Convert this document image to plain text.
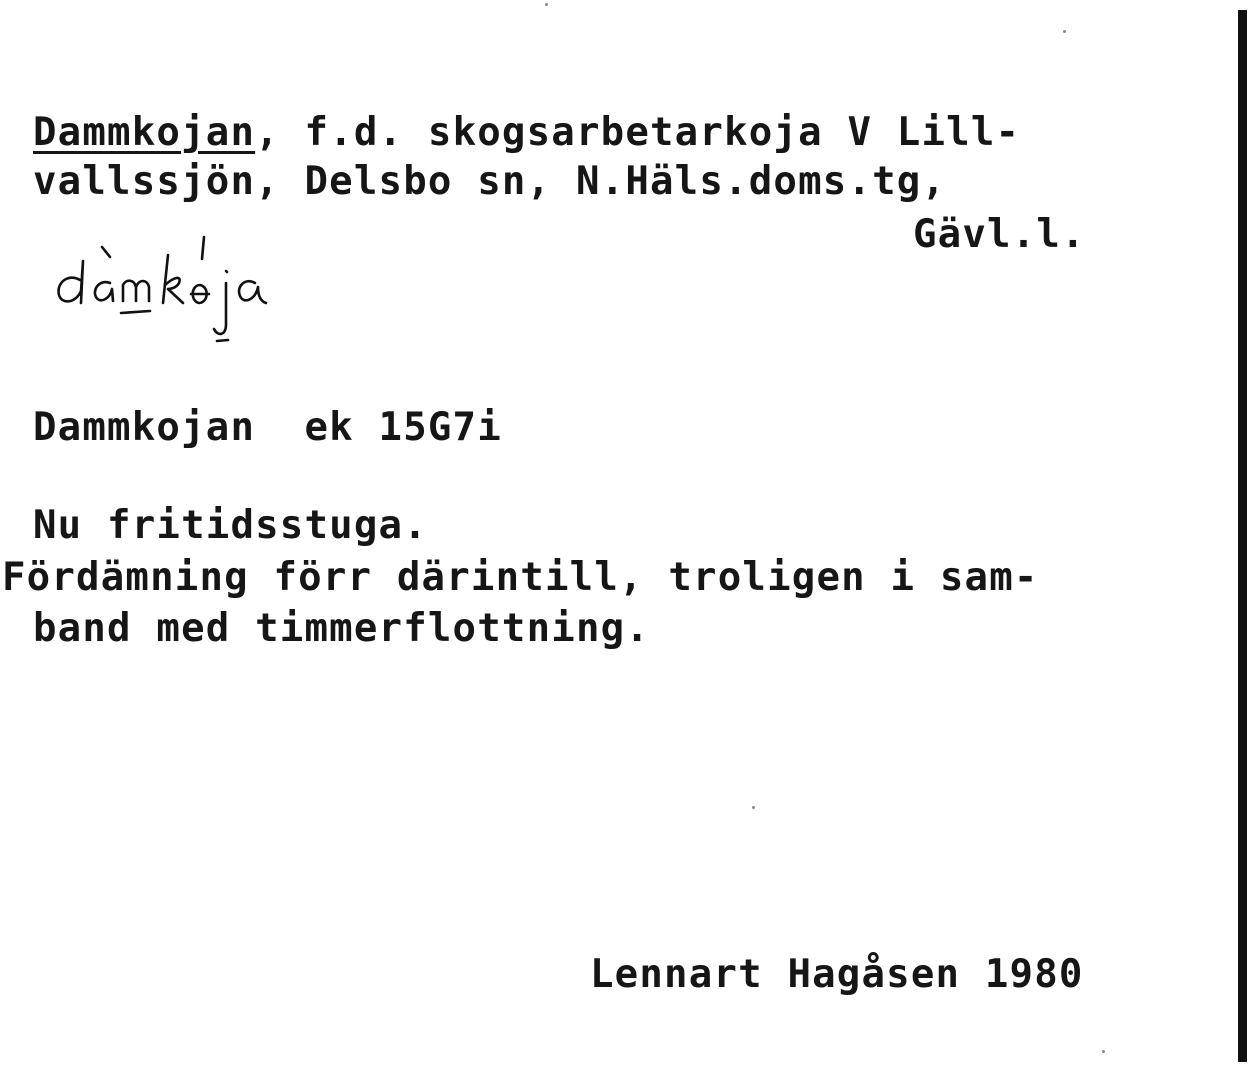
Dammkojan, f.d. skogsarbetarkoja V Lill-
vallssjön, Delsbo sn, N.Häls.doms.tg,
Gävl.l.
Dammkojan  ek 15G7i
Nu fritidsstuga.
Fördämning förr därintill, troligen i sam-
band med timmerflottning.
Lennart Hagåsen 1980
